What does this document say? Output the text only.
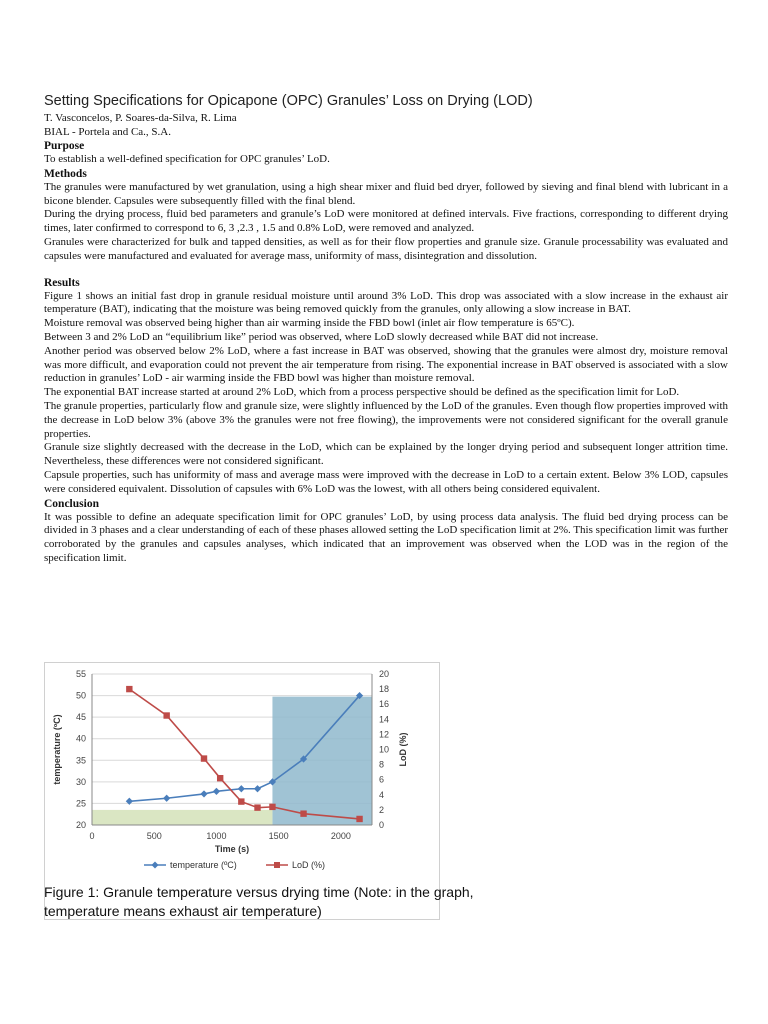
Setting Specifications for Opicapone (OPC) Granules’ Loss on Drying (LOD)
T. Vasconcelos, P. Soares-da-Silva, R. Lima
BIAL - Portela and Ca., S.A.
Purpose

To establish a well-defined specification for OPC granules’ LoD.

Methods

The granules were manufactured by wet granulation, using a high shear mixer and fluid bed dryer, followed by sieving and final blend with lubricant in a bicone blender. Capsules were subsequently filled with the final blend.

During the drying process, fluid bed parameters and granule’s LoD were monitored at defined intervals. Five fractions, corresponding to different drying times, later confirmed to correspond to 6, 3 ,2.3 , 1.5 and 0.8% LoD, were removed and analyzed.

Granules were characterized for bulk and tapped densities, as well as for their flow properties and granule size. Granule processability was evaluated and capsules were manufactured and evaluated for average mass, uniformity of mass, disintegration and dissolution.

Results

Figure 1 shows an initial fast drop in granule residual moisture until around 3% LoD. This drop was associated with a slow increase in the exhaust air temperature (BAT), indicating that the moisture was being removed quickly from the granules, only allowing a slow increase in BAT.

Moisture removal was observed being higher than air warming inside the FBD bowl (inlet air flow temperature is 65ºC).

Between 3 and 2% LoD an “equilibrium like” period was observed, where LoD slowly decreased while BAT did not increase.

Another period was observed below 2% LoD, where a fast increase in BAT was observed, showing that the granules were almost dry, moisture removal was more difficult, and evaporation could not prevent the air temperature from rising. The exponential increase in BAT observed is associated with a slow reduction in granules’ LoD - air warming inside the FBD bowl was higher than moisture removal.

The exponential BAT increase started at around 2% LoD, which from a process perspective should be defined as the specification limit for LoD.

The granule properties, particularly flow and granule size, were slightly influenced by the LoD of the granules. Even though flow properties improved with the decrease in LoD below 3% (above 3% the granules were not free flowing), the improvements were not considered significant for the overall granule properties.

Granule size slightly decreased with the decrease in the LoD, which can be explained by the longer drying period and subsequent longer attrition time. Nevertheless, these differences were not considered significant.

Capsule properties, such has uniformity of mass and average mass were improved with the decrease in LoD to a certain extent. Below 3% LOD, capsules were considered equivalent. Dissolution of capsules with 6% LoD was the lowest, with all others being considered equivalent.

Conclusion

It was possible to define an adequate specification limit for OPC granules’ LoD, by using process data analysis. The fluid bed drying process can be divided in 3 phases and a clear understanding of each of these phases allowed setting the LoD specification limit at 2%. This specification limit was further corroborated by the granules and capsules analyses, which indicated that an improvement was observed when the LOD was in the region of the specification limit.

20
25
30
35
40
45
50
55
0
2
4
6
8
10
12
14
16
18
20
0	500	1000	1500	2000
Time (s)
temperature (ºC)	LoD (%)
temperature (ºC)	LoD (%)
Figure 1: Granule temperature versus drying time (Note: in the graph, temperature means exhaust air temperature)
